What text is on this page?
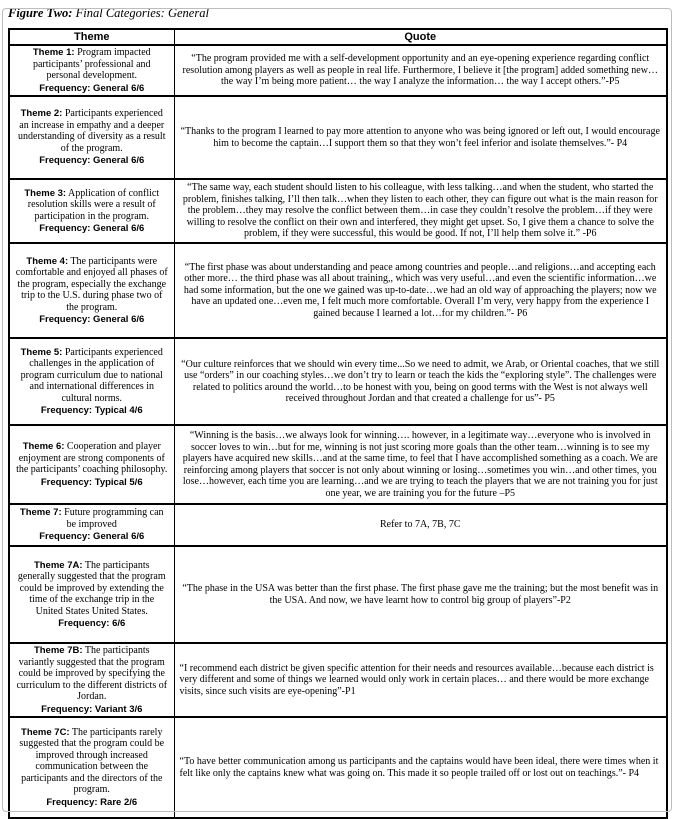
Figure Two: Final Categories: General

Theme	Quote
Theme 1: Program impacted participants’ professional and personal development.
Frequency: General 6/6	“The program provided me with a self-development opportunity and an eye-opening experience regarding conflict resolution among players as well as people in real life. Furthermore, I believe it [the program] added something new…the way I’m being more patient… the way I analyze the information… the way I accept others.”-P5
Theme 2: Participants experienced an increase in empathy and a deeper understanding of diversity as a result of the program.
Frequency: General 6/6	“Thanks to the program I learned to pay more attention to anyone who was being ignored or left out, I would encourage him to become the captain…I support them so that they won’t feel inferior and isolate themselves.”- P4
Theme 3: Application of conflict resolution skills were a result of participation in the program.
Frequency: General 6/6	“The same way, each student should listen to his colleague, with less talking…and when the student, who started the problem, finishes talking, I’ll then talk…when they listen to each other, they can figure out what is the main reason for the problem…they may resolve the conflict between them…in case they couldn’t resolve the problem…if they were willing to resolve the conflict on their own and interfered, they might get upset. So, I give them a chance to solve the problem, if they were successful, this would be good. If not, I’ll help them solve it.” -P6
Theme 4: The participants were comfortable and enjoyed all phases of the program, especially the exchange trip to the U.S. during phase two of the program.
Frequency: General 6/6	“The first phase was about understanding and peace among countries and people…and religions…and accepting each other more… the third phase was all about training,, which was very useful…and even the scientific information…we had some information, but the one we gained was up-to-date…we had an old way of approaching the players; now we have an updated one…even me, I felt much more comfortable. Overall I’m very, very happy from the experience I gained because I learned a lot…for my children.”- P6
Theme 5: Participants experienced challenges in the application of program curriculum due to national and international differences in cultural norms.
Frequency: Typical 4/6	“Our culture reinforces that we should win every time...So we need to admit, we Arab, or Oriental coaches, that we still use “orders” in our coaching styles…we don’t try to learn or teach the kids the “exploring style”. The challenges were related to politics around the world…to be honest with you, being on good terms with the West is not always well received throughout Jordan and that created a challenge for us”- P5
Theme 6: Cooperation and player enjoyment are strong components of the participants’ coaching philosophy.
Frequency: Typical 5/6	“Winning is the basis…we always look for winning…. however, in a legitimate way…everyone who is involved in soccer loves to win…but for me, winning is not just scoring more goals than the other team…winning is to see my players have acquired new skills…and at the same time, to feel that I have accomplished something as a coach. We are reinforcing among players that soccer is not only about winning or losing…sometimes you win…and other times, you lose…however, each time you are learning…and we are trying to teach the players that we are not training you for just one year, we are training you for the future –P5
Theme 7: Future programming can be improved
Frequency: General 6/6	Refer to 7A, 7B, 7C
Theme 7A: The participants generally suggested that the program could be improved by extending the time of the exchange trip in the United States United States.
Frequency: 6/6	“The phase in the USA was better than the first phase. The first phase gave me the training; but the most benefit was in the USA. And now, we have learnt how to control big group of players”-P2
Theme 7B: The participants variantly suggested that the program could be improved by specifying the curriculum to the different districts of Jordan.
Frequency: Variant 3/6	“I recommend each district be given specific attention for their needs and resources available…because each district is very different and some of things we learned would only work in certain places… and there would be more exchange visits, since such visits are eye-opening”-P1
Theme 7C: The participants rarely suggested that the program could be improved through increased communication between the participants and the directors of the program.
Frequency: Rare 2/6	“To have better communication among us participants and the captains would have been ideal, there were times when it felt like only the captains knew what was going on. This made it so people trailed off or lost out on teachings.”- P4
